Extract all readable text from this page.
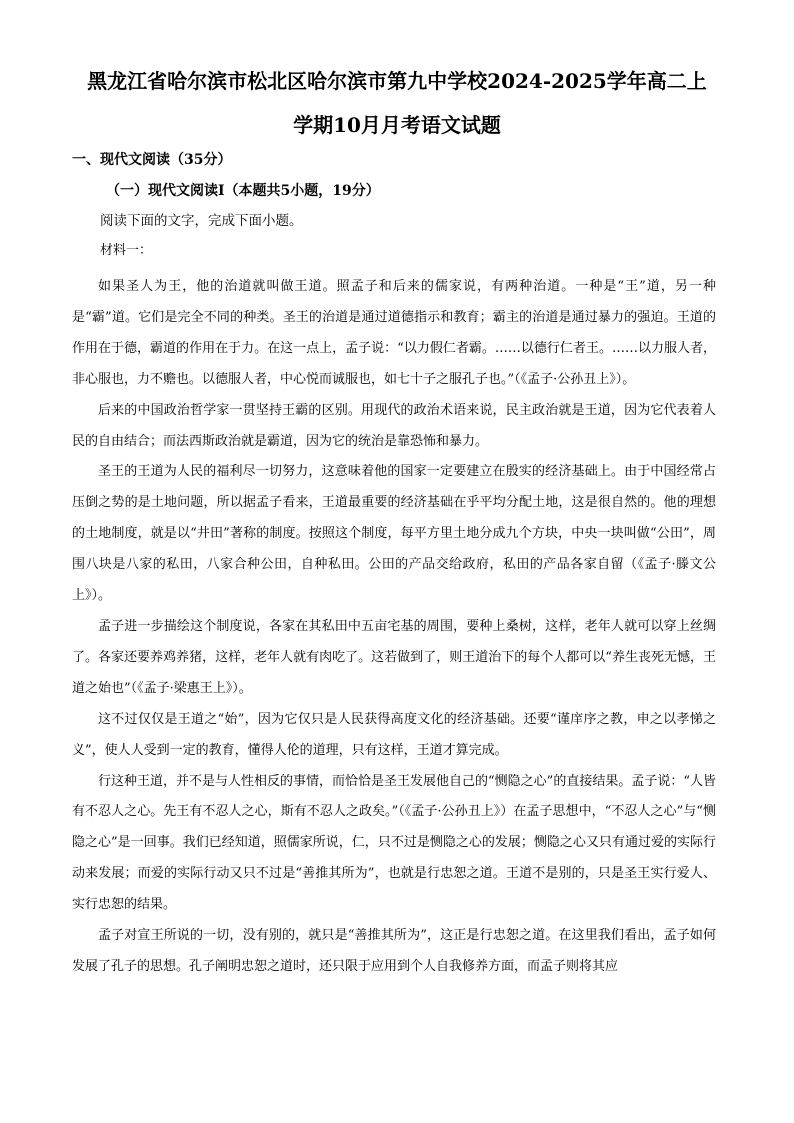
黑龙江省哈尔滨市松北区哈尔滨市第九中学校2024-2025学年高二上
学期10月月考语文试题
一、现代文阅读（35分）
（一）现代文阅读Ⅰ（本题共5小题，19分）

阅读下面的文字，完成下面小题。

材料一：

如果圣人为王，他的治道就叫做王道。照孟子和后来的儒家说，有两种治道。一种是“王”道，另一种是“霸”道。它们是完全不同的种类。圣王的治道是通过道德指示和教育；霸主的治道是通过暴力的强迫。王道的作用在于德，霸道的作用在于力。在这一点上，孟子说：“以力假仁者霸。……以德行仁者王。……以力服人者，非心服也，力不赡也。以德服人者，中心悦而诚服也，如七十子之服孔子也。”（《孟子·公孙丑上》）。

后来的中国政治哲学家一贯坚持王霸的区别。用现代的政治术语来说，民主政治就是王道，因为它代表着人民的自由结合；而法西斯政治就是霸道，因为它的统治是靠恐怖和暴力。

圣王的王道为人民的福利尽一切努力，这意味着他的国家一定要建立在殷实的经济基础上。由于中国经常占压倒之势的是土地问题，所以据孟子看来，王道最重要的经济基础在乎平均分配土地，这是很自然的。他的理想的土地制度，就是以“井田”著称的制度。按照这个制度，每平方里土地分成九个方块，中央一块叫做“公田”，周围八块是八家的私田，八家合种公田，自种私田。公田的产品交给政府，私田的产品各家自留（《孟子·滕文公上》）。

孟子进一步描绘这个制度说，各家在其私田中五亩宅基的周围，要种上桑树，这样，老年人就可以穿上丝绸了。各家还要养鸡养猪，这样，老年人就有肉吃了。这若做到了，则王道治下的每个人都可以“养生丧死无憾，王道之始也”（《孟子·梁惠王上》）。

这不过仅仅是王道之“始”，因为它仅只是人民获得高度文化的经济基础。还要“谨庠序之教，申之以孝悌之义”，使人人受到一定的教育，懂得人伦的道理，只有这样，王道才算完成。

行这种王道，并不是与人性相反的事情，而恰恰是圣王发展他自己的“恻隐之心”的直接结果。孟子说：“人皆有不忍人之心。先王有不忍人之心，斯有不忍人之政矣。”（《孟子·公孙丑上》）在孟子思想中，“不忍人之心”与“恻隐之心”是一回事。我们已经知道，照儒家所说，仁，只不过是恻隐之心的发展；恻隐之心又只有通过爱的实际行动来发展；而爱的实际行动又只不过是“善推其所为”，也就是行忠恕之道。王道不是别的，只是圣王实行爱人、实行忠恕的结果。

孟子对宣王所说的一切，没有别的，就只是“善推其所为”，这正是行忠恕之道。在这里我们看出，孟子如何发展了孔子的思想。孔子阐明忠恕之道时，还只限于应用到个人自我修养方面，而孟子则将其应
